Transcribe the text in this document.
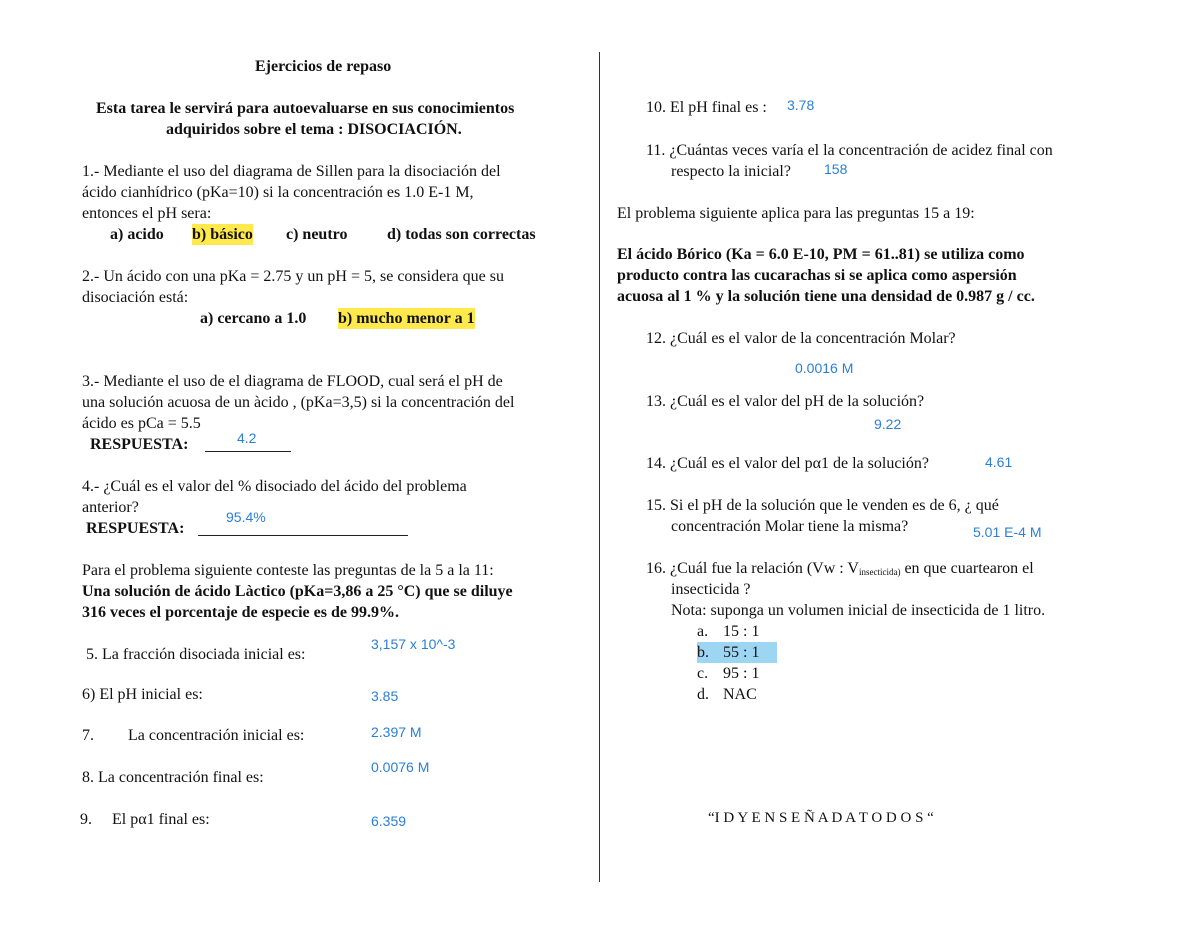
Ejercicios de repaso
Esta tarea le servirá para autoevaluarse en sus conocimientos
adquiridos sobre el tema : DISOCIACIÓN.
1.- Mediante el uso del diagrama de Sillen para la disociación del
ácido cianhídrico (pKa=10) si la concentración es 1.0 E-1 M,
entonces el pH sera:
a) acido b) básico c) neutro d) todas son correctas
2.- Un ácido con una pKa = 2.75 y un pH = 5, se considera que su
disociación está:
a) cercano a 1.0 b) mucho menor a 1
3.- Mediante el uso de el diagrama de FLOOD, cual será el pH de
una solución acuosa de un àcido , (pKa=3,5) si la concentración del
ácido es pCa = 5.5
RESPUESTA:	4.2
4.- ¿Cuál es el valor del % disociado del ácido del problema
anterior?
RESPUESTA:
95.4%
Para el problema siguiente conteste las preguntas de la 5 a la 11:
Una solución de ácido Làctico (pKa=3,86 a 25 °C) que se diluye
316 veces el porcentaje de especie es de 99.9%.
5. La fracción disociada inicial es:
3,157 x 10^-3
6) El pH inicial es:	3.85
7. La concentración inicial es:	2.397 M
8. La concentración final es:
0.0076 M
9. El pα1 final es:	6.359
10. El pH final es : 3.78
11. ¿Cuántas veces varía el la concentración de acidez final con
respecto la inicial? 158
El problema siguiente aplica para las preguntas 15 a 19:
El ácido Bórico (Ka = 6.0 E-10, PM = 61..81) se utiliza como
producto contra las cucarachas si se aplica como aspersión
acuosa al 1 % y la solución tiene una densidad de 0.987 g / cc.
12. ¿Cuál es el valor de la concentración Molar?
0.0016 M
13. ¿Cuál es el valor del pH de la solución?
9.22
14. ¿Cuál es el valor del pα1 de la solución?	4.61
15. Si el pH de la solución que le venden es de 6, ¿ qué
concentración Molar tiene la misma?	5.01 E-4 M
16. ¿Cuál fue la relación (Vw : $V_{insecticida)}$ en que cuartearon el
insecticida ?
Nota: suponga un volumen inicial de insecticida de 1 litro.
a. 15 : 1
b. 55 : 1
c. 95 : 1
d. NAC
“I D Y E N S E Ñ A D A T O D O S “
